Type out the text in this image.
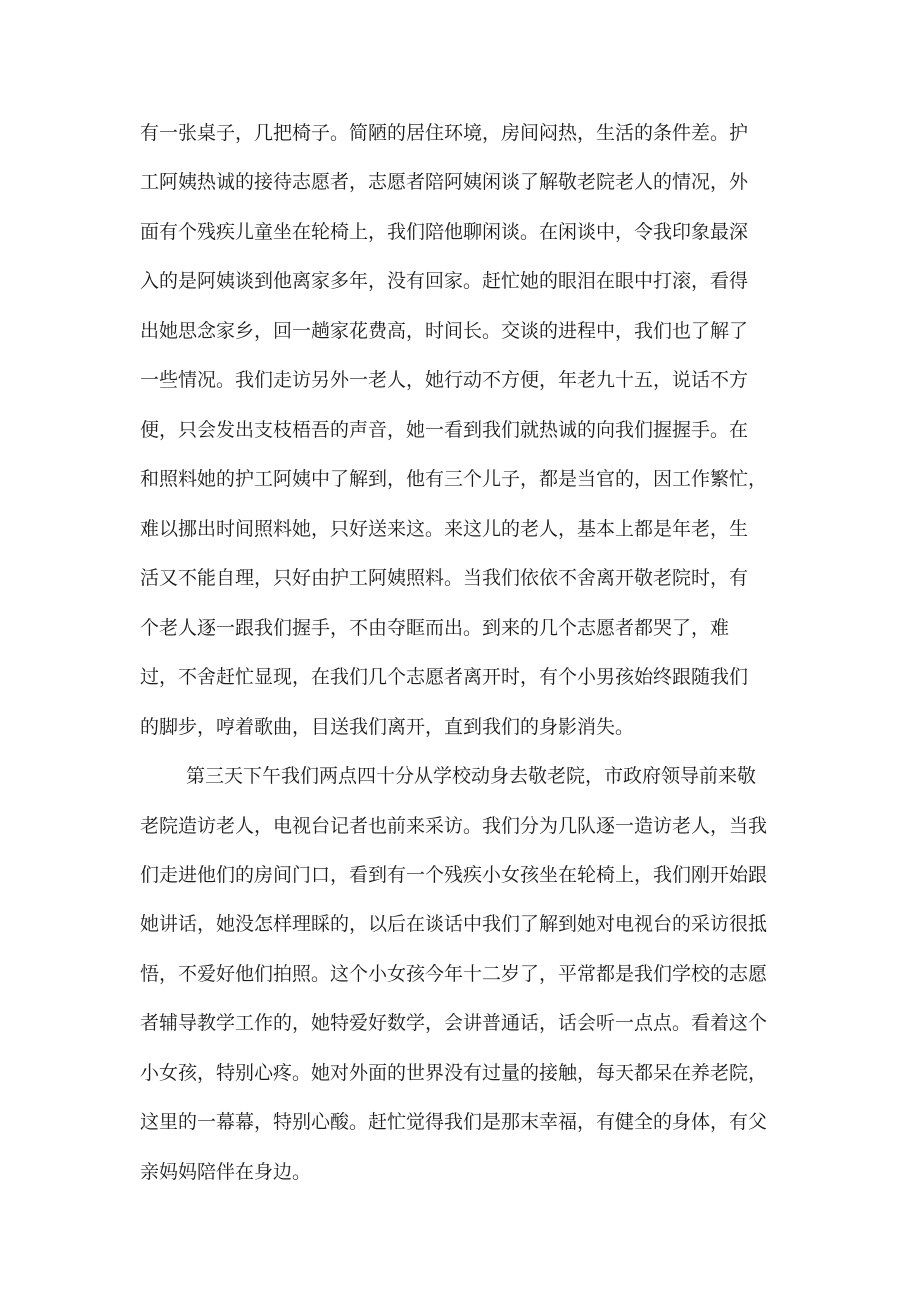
有一张桌子，几把椅子。简陋的居住环境，房间闷热，生活的条件差。护
工阿姨热诚的接待志愿者，志愿者陪阿姨闲谈了解敬老院老人的情况，外
面有个残疾儿童坐在轮椅上，我们陪他聊闲谈。在闲谈中，令我印象最深
入的是阿姨谈到他离家多年，没有回家。赶忙她的眼泪在眼中打滚，看得
出她思念家乡，回一趟家花费高，时间长。交谈的进程中，我们也了解了
一些情况。我们走访另外一老人，她行动不方便，年老九十五，说话不方
便，只会发出支枝梧吾的声音，她一看到我们就热诚的向我们握握手。在
和照料她的护工阿姨中了解到，他有三个儿子，都是当官的，因工作繁忙，
难以挪出时间照料她，只好送来这。来这儿的老人，基本上都是年老，生
活又不能自理，只好由护工阿姨照料。当我们依依不舍离开敬老院时，有
个老人逐一跟我们握手，不由夺眶而出。到来的几个志愿者都哭了，难
过，不舍赶忙显现，在我们几个志愿者离开时，有个小男孩始终跟随我们
的脚步，哼着歌曲，目送我们离开，直到我们的身影消失。
第三天下午我们两点四十分从学校动身去敬老院，市政府领导前来敬
老院造访老人，电视台记者也前来采访。我们分为几队逐一造访老人，当我
们走进他们的房间门口，看到有一个残疾小女孩坐在轮椅上，我们刚开始跟
她讲话，她没怎样理睬的，以后在谈话中我们了解到她对电视台的采访很抵
悟，不爱好他们拍照。这个小女孩今年十二岁了，平常都是我们学校的志愿
者辅导教学工作的，她特爱好数学，会讲普通话，话会听一点点。看着这个
小女孩，特别心疼。她对外面的世界没有过量的接触，每天都呆在养老院，
这里的一幕幕，特别心酸。赶忙觉得我们是那末幸福，有健全的身体，有父
亲妈妈陪伴在身边。
